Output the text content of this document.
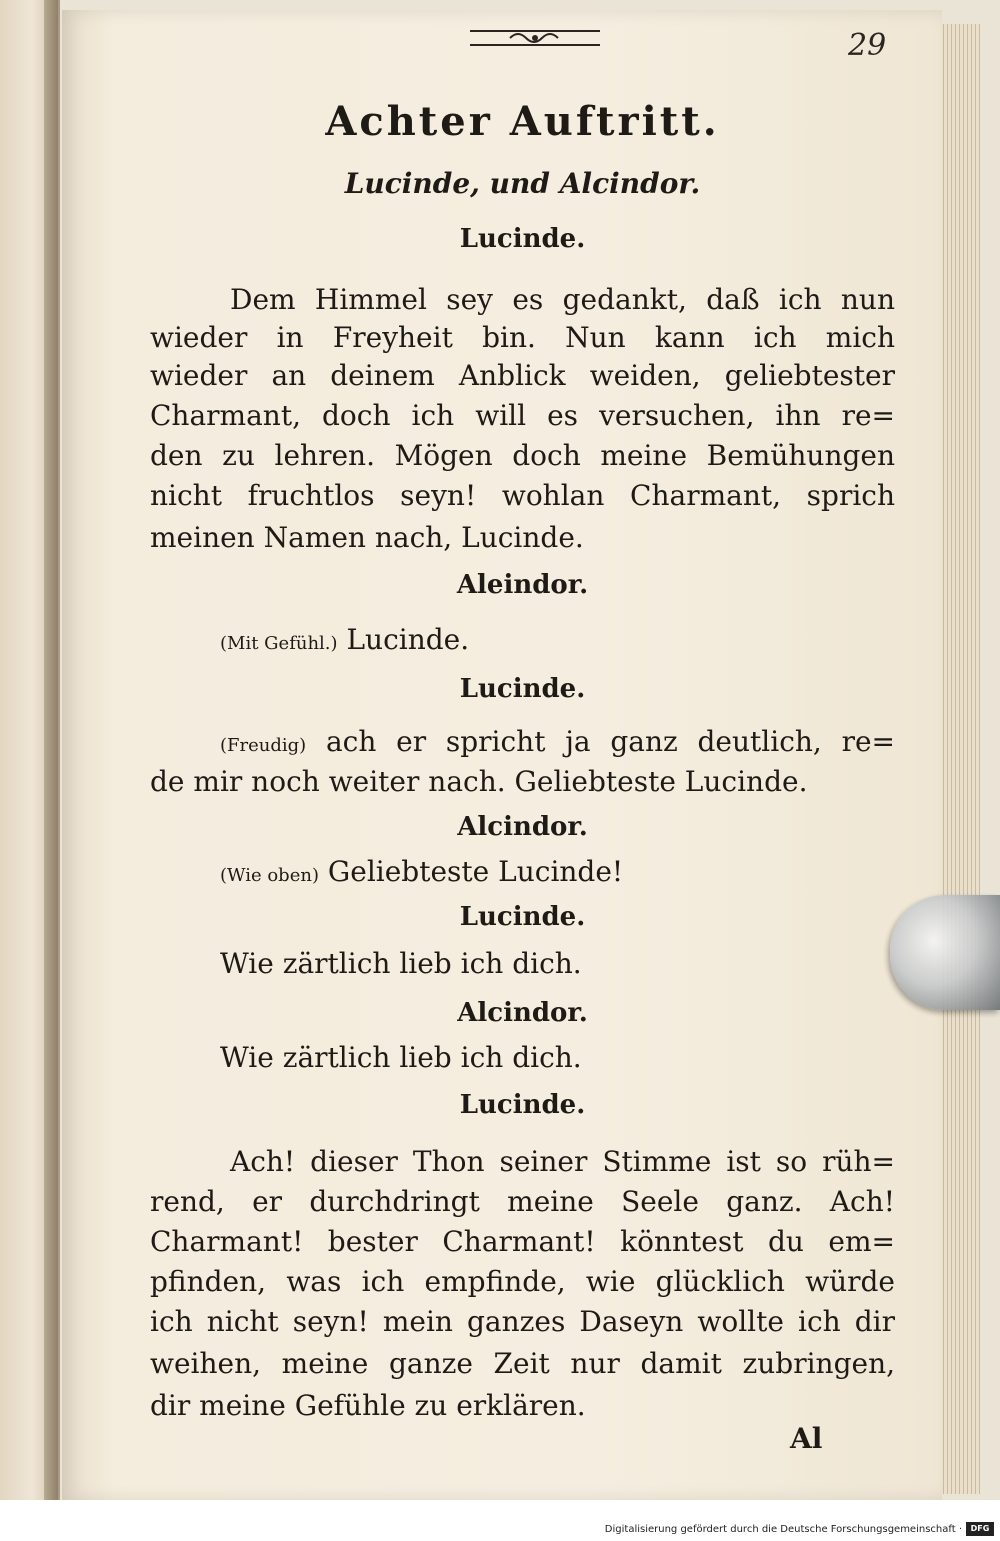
29
Achter Auftritt.
Lucinde, und Alcindor.
Lucinde.
Dem Himmel sey es gedankt, daß ich nun
wieder in Freyheit bin. Nun kann ich mich
wieder an deinem Anblick weiden, geliebtester
Charmant, doch ich will es versuchen, ihn re=
den zu lehren. Mögen doch meine Bemühungen
nicht fruchtlos seyn! wohlan Charmant, sprich
meinen Namen nach, Lucinde.
Aleindor.
(Mit Gefühl.) Lucinde.
Lucinde.
(Freudig) ach er spricht ja ganz deutlich, re=
de mir noch weiter nach. Geliebteste Lucinde.
Alcindor.
(Wie oben) Geliebteste Lucinde!
Lucinde.
Wie zärtlich lieb ich dich.
Alcindor.
Wie zärtlich lieb ich dich.
Lucinde.
Ach! dieser Thon seiner Stimme ist so rüh=
rend, er durchdringt meine Seele ganz. Ach!
Charmant! bester Charmant! könntest du em=
pfinden, was ich empfinde, wie glücklich würde
ich nicht seyn! mein ganzes Daseyn wollte ich dir
weihen, meine ganze Zeit nur damit zubringen,
dir meine Gefühle zu erklären.
Al
Digitalisierung gefördert durch die Deutsche Forschungsgemeinschaft ·	DFG
